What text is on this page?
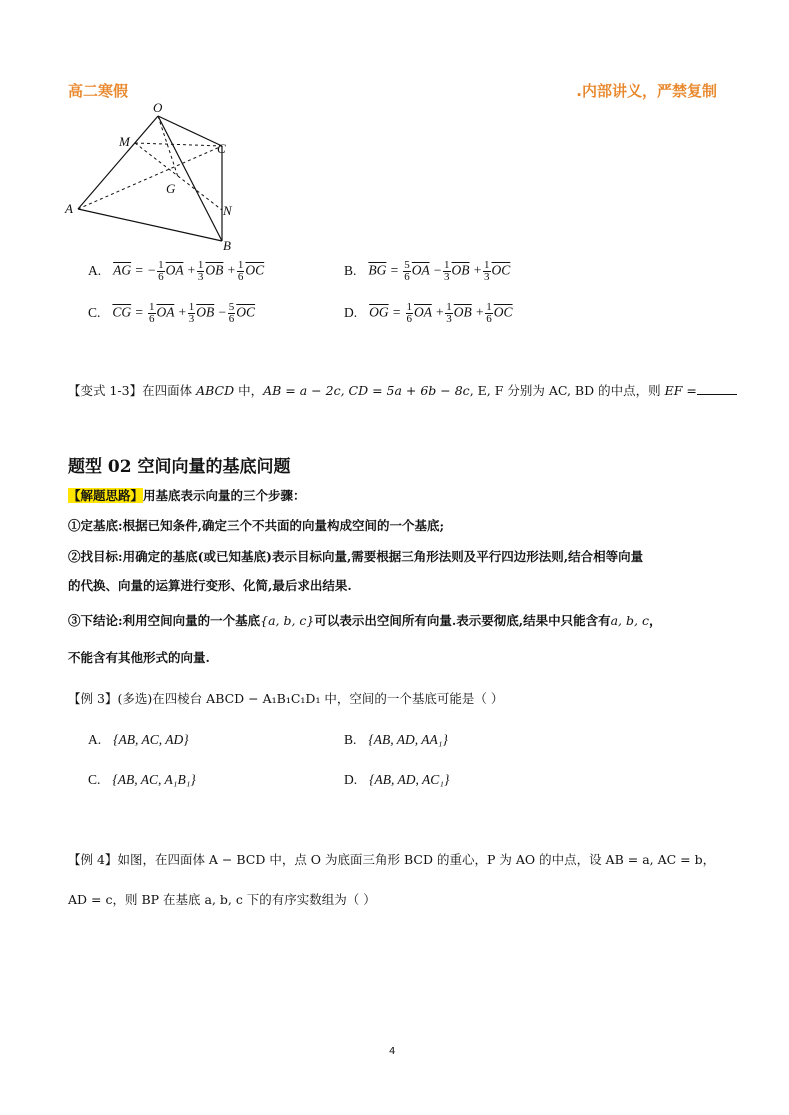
高二寒假	.内部讲义，严禁复制
O
M	C
G
A	N
B
A. $\overline{AG}$ = − $\frac{1}{6} \overline{OA} + \frac{1}{3} \overline{OB} + \frac{1}{6} \overline{OC}$	B. $\overline{BG} = \frac{5}{6} \overline{OA} - \frac{1}{3} \overline{OB} + \frac{1}{3} \overline{OC}$
C. $\overline{CG} = \frac{1}{6} \overline{OA} + \frac{1}{3} \overline{OB} - \frac{5}{6} \overline{OC}$	D. $\overline{OG} = \frac{1}{6} \overline{OA} + \frac{1}{3} \overline{OB} + \frac{1}{6} \overline{OC}$
【变式 1-3】在四面体 ABCD 中，AB = a − 2c, CD = 5a + 6b − 8c, E, F 分别为 AC, BD 的中点，则 EF =
题型 02 空间向量的基底问题
【解题思路】用基底表示向量的三个步骤：
①定基底:根据已知条件,确定三个不共面的向量构成空间的一个基底;
②找目标:用确定的基底(或已知基底)表示目标向量,需要根据三角形法则及平行四边形法则,结合相等向量
的代换、向量的运算进行变形、化简,最后求出结果.
③下结论:利用空间向量的一个基底{a, b, c}可以表示出空间所有向量.表示要彻底,结果中只能含有a, b, c，
不能含有其他形式的向量.
【例 3】(多选)在四棱台 ABCD − A₁B₁C₁D₁ 中，空间的一个基底可能是（ ）
A. {AB, AC, AD}	B. {AB, AD, AA₁}
C. {AB, AC, A₁B₁}	D. {AB, AD, AC₁}
【例 4】如图，在四面体 A − BCD 中，点 O 为底面三角形 BCD 的重心，P 为 AO 的中点，设 AB = a, AC = b，
AD = c，则 BP 在基底 a, b, c 下的有序实数组为（ ）
4
